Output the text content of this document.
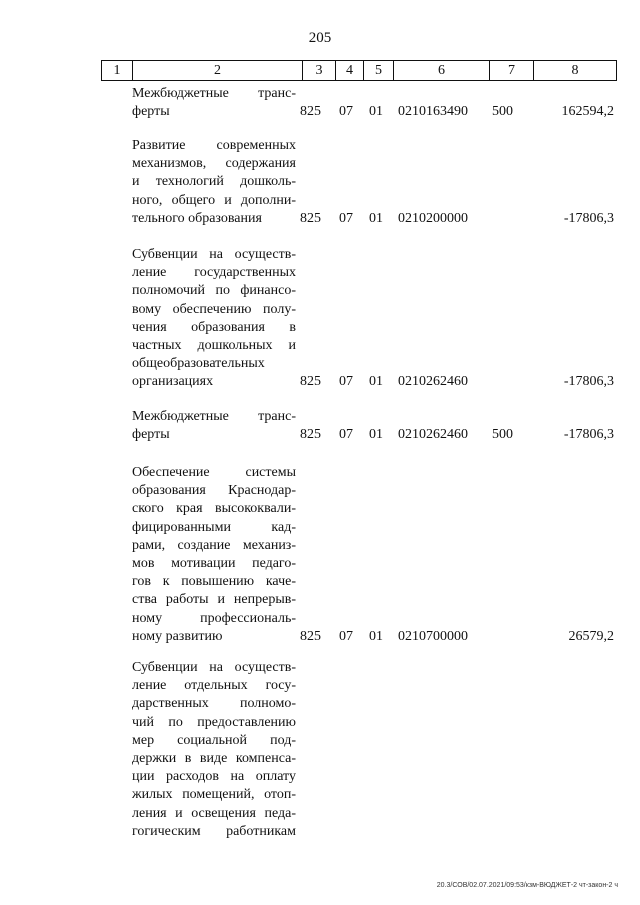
205
1	2	3	4	5	6	7	8
Межбюджетные транс-
ферты	825 07 01 0210163490 500	162594,2
Развитие современных
механизмов, содержания
и технологий дошколь-
ного, общего и дополни-
тельного образования	825 07 01 0210200000	-17806,3
Субвенции на осуществ-
ление государственных
полномочий по финансо-
вому обеспечению полу-
чения образования в
частных дошкольных и
общеобразовательных
организациях	825 07 01 0210262460	-17806,3
Межбюджетные транс-
ферты	825 07 01 0210262460 500	-17806,3
Обеспечение системы
образования Краснодар-
ского края высококвали-
фицированными кад-
рами, создание механиз-
мов мотивации педаго-
гов к повышению каче-
ства работы и непрерыв-
ному профессиональ-
ному развитию	825 07 01 0210700000	26579,2
Субвенции на осуществ-
ление отдельных госу-
дарственных полномо-
чий по предоставлению
мер социальной под-
держки в виде компенса-
ции расходов на оплату
жилых помещений, отоп-
ления и освещения педа-
гогическим работникам
20.3/СОВ/02.07.2021/09:53/кзм-ВЮДЖЕТ-2 чт-закон-2 ч
